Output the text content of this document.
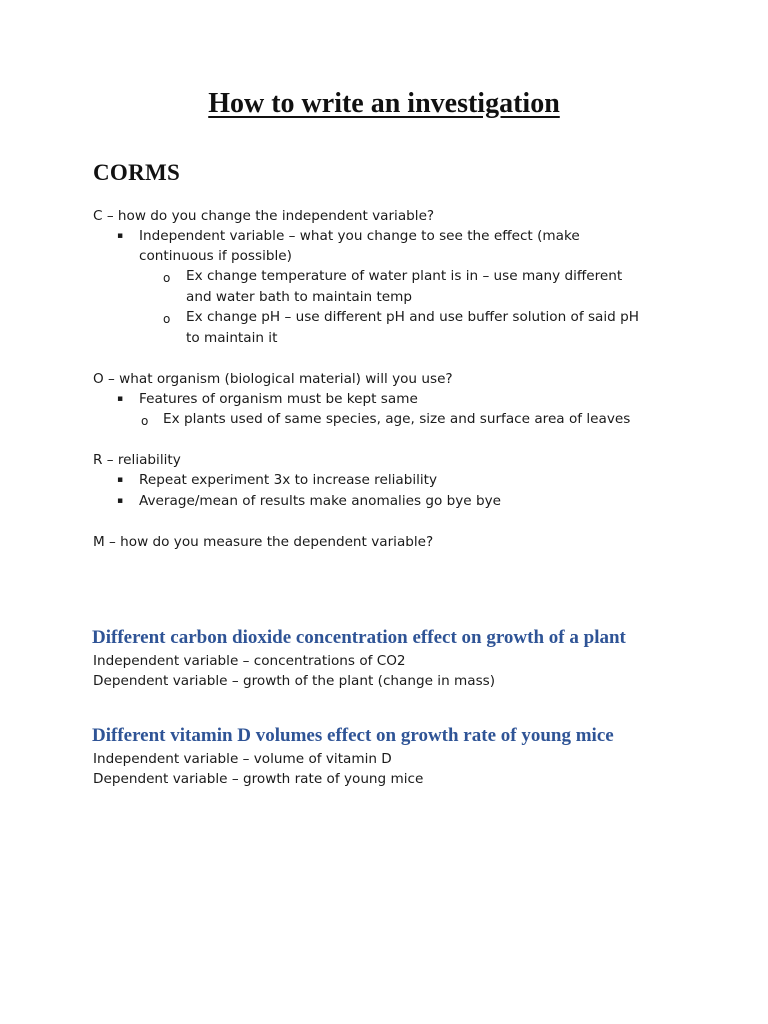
How to write an investigation
CORMS
C – how do you change the independent variable?
▪ Independent variable – what you change to see the effect (make
continuous if possible)
o Ex change temperature of water plant is in – use many different
and water bath to maintain temp
o Ex change pH – use different pH and use buffer solution of said pH
to maintain it
O – what organism (biological material) will you use?
▪ Features of organism must be kept same
o Ex plants used of same species, age, size and surface area of leaves
R – reliability
▪ Repeat experiment 3x to increase reliability
▪ Average/mean of results make anomalies go bye bye
M – how do you measure the dependent variable?
Different carbon dioxide concentration effect on growth of a plant
Independent variable – concentrations of CO2
Dependent variable – growth of the plant (change in mass)
Different vitamin D volumes effect on growth rate of young mice
Independent variable – volume of vitamin D
Dependent variable – growth rate of young mice
